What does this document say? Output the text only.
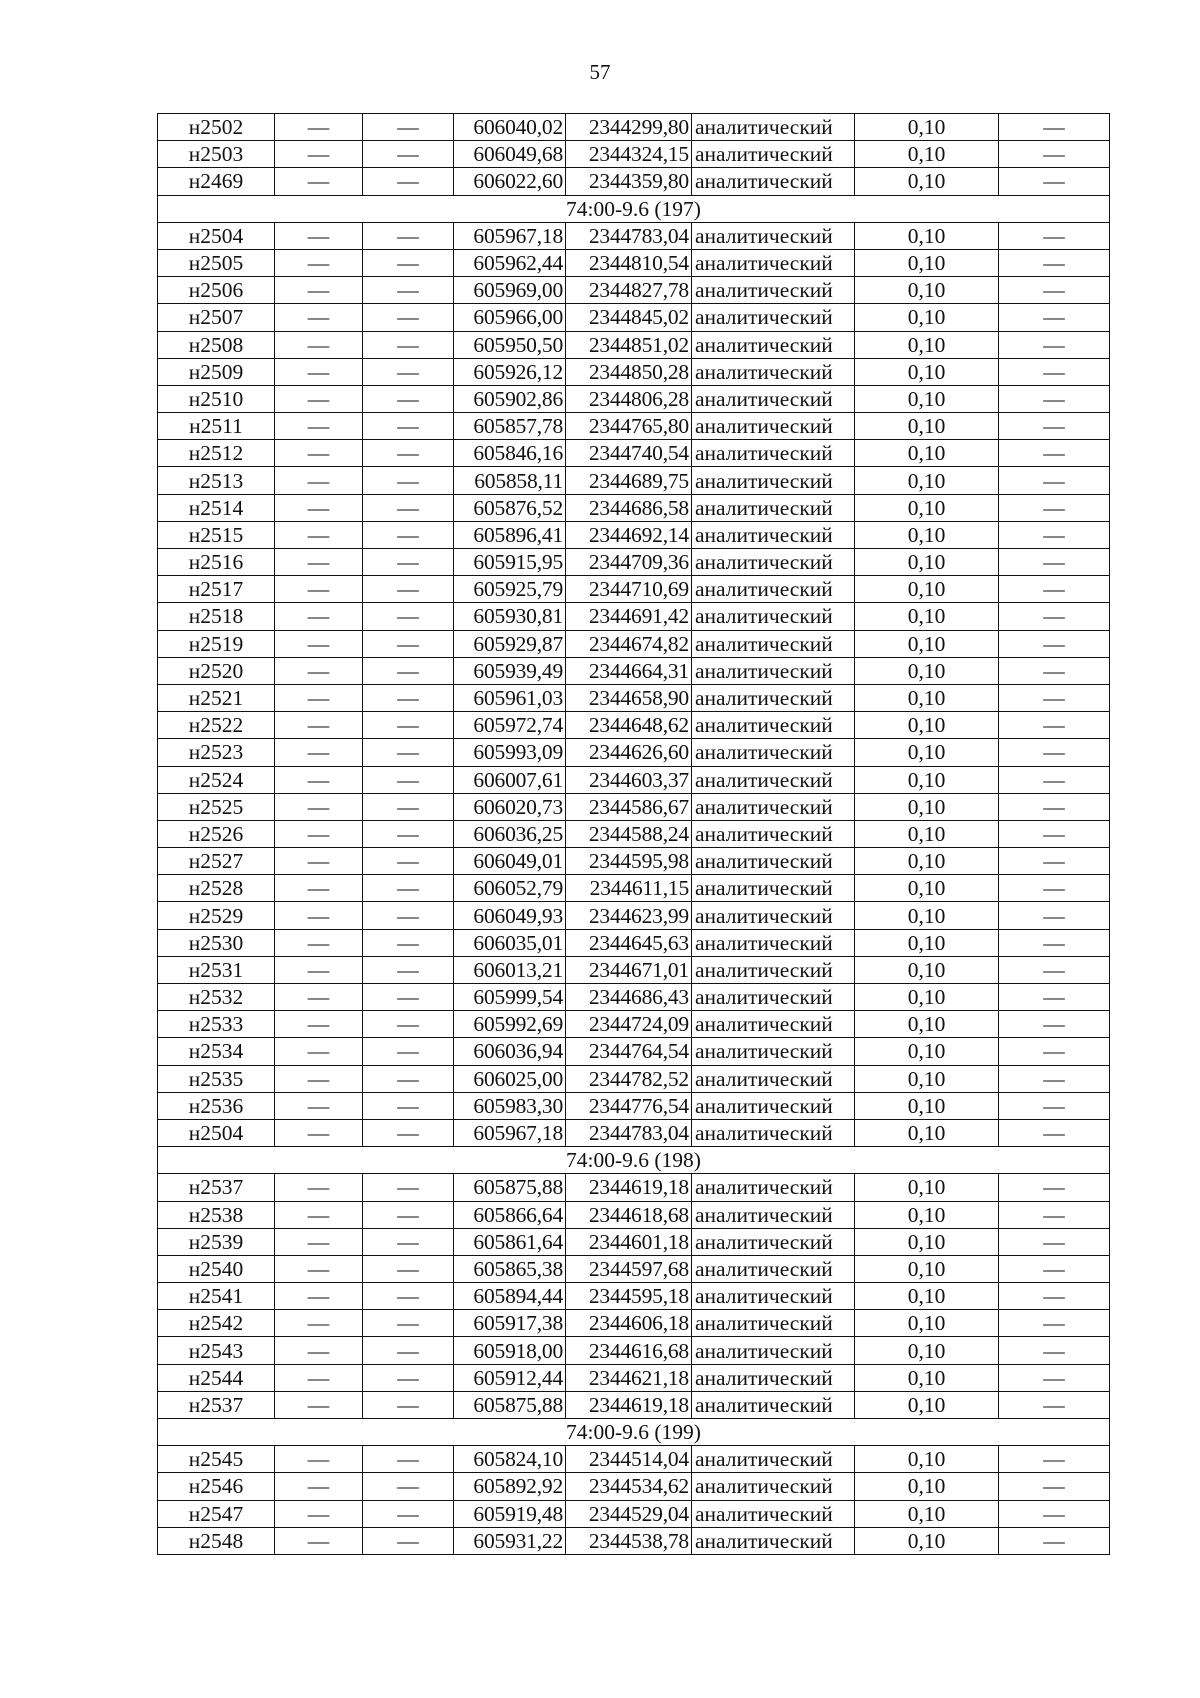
57
н2502	—	—	606040,02	2344299,80	аналитический	0,10	—
н2503	—	—	606049,68	2344324,15	аналитический	0,10	—
н2469	—	—	606022,60	2344359,80	аналитический	0,10	—
74:00-9.6 (197)							
н2504	—	—	605967,18	2344783,04	аналитический	0,10	—
н2505	—	—	605962,44	2344810,54	аналитический	0,10	—
н2506	—	—	605969,00	2344827,78	аналитический	0,10	—
н2507	—	—	605966,00	2344845,02	аналитический	0,10	—
н2508	—	—	605950,50	2344851,02	аналитический	0,10	—
н2509	—	—	605926,12	2344850,28	аналитический	0,10	—
н2510	—	—	605902,86	2344806,28	аналитический	0,10	—
н2511	—	—	605857,78	2344765,80	аналитический	0,10	—
н2512	—	—	605846,16	2344740,54	аналитический	0,10	—
н2513	—	—	605858,11	2344689,75	аналитический	0,10	—
н2514	—	—	605876,52	2344686,58	аналитический	0,10	—
н2515	—	—	605896,41	2344692,14	аналитический	0,10	—
н2516	—	—	605915,95	2344709,36	аналитический	0,10	—
н2517	—	—	605925,79	2344710,69	аналитический	0,10	—
н2518	—	—	605930,81	2344691,42	аналитический	0,10	—
н2519	—	—	605929,87	2344674,82	аналитический	0,10	—
н2520	—	—	605939,49	2344664,31	аналитический	0,10	—
н2521	—	—	605961,03	2344658,90	аналитический	0,10	—
н2522	—	—	605972,74	2344648,62	аналитический	0,10	—
н2523	—	—	605993,09	2344626,60	аналитический	0,10	—
н2524	—	—	606007,61	2344603,37	аналитический	0,10	—
н2525	—	—	606020,73	2344586,67	аналитический	0,10	—
н2526	—	—	606036,25	2344588,24	аналитический	0,10	—
н2527	—	—	606049,01	2344595,98	аналитический	0,10	—
н2528	—	—	606052,79	2344611,15	аналитический	0,10	—
н2529	—	—	606049,93	2344623,99	аналитический	0,10	—
н2530	—	—	606035,01	2344645,63	аналитический	0,10	—
н2531	—	—	606013,21	2344671,01	аналитический	0,10	—
н2532	—	—	605999,54	2344686,43	аналитический	0,10	—
н2533	—	—	605992,69	2344724,09	аналитический	0,10	—
н2534	—	—	606036,94	2344764,54	аналитический	0,10	—
н2535	—	—	606025,00	2344782,52	аналитический	0,10	—
н2536	—	—	605983,30	2344776,54	аналитический	0,10	—
н2504	—	—	605967,18	2344783,04	аналитический	0,10	—
74:00-9.6 (198)							
н2537	—	—	605875,88	2344619,18	аналитический	0,10	—
н2538	—	—	605866,64	2344618,68	аналитический	0,10	—
н2539	—	—	605861,64	2344601,18	аналитический	0,10	—
н2540	—	—	605865,38	2344597,68	аналитический	0,10	—
н2541	—	—	605894,44	2344595,18	аналитический	0,10	—
н2542	—	—	605917,38	2344606,18	аналитический	0,10	—
н2543	—	—	605918,00	2344616,68	аналитический	0,10	—
н2544	—	—	605912,44	2344621,18	аналитический	0,10	—
н2537	—	—	605875,88	2344619,18	аналитический	0,10	—
74:00-9.6 (199)							
н2545	—	—	605824,10	2344514,04	аналитический	0,10	—
н2546	—	—	605892,92	2344534,62	аналитический	0,10	—
н2547	—	—	605919,48	2344529,04	аналитический	0,10	—
н2548	—	—	605931,22	2344538,78	аналитический	0,10	—
